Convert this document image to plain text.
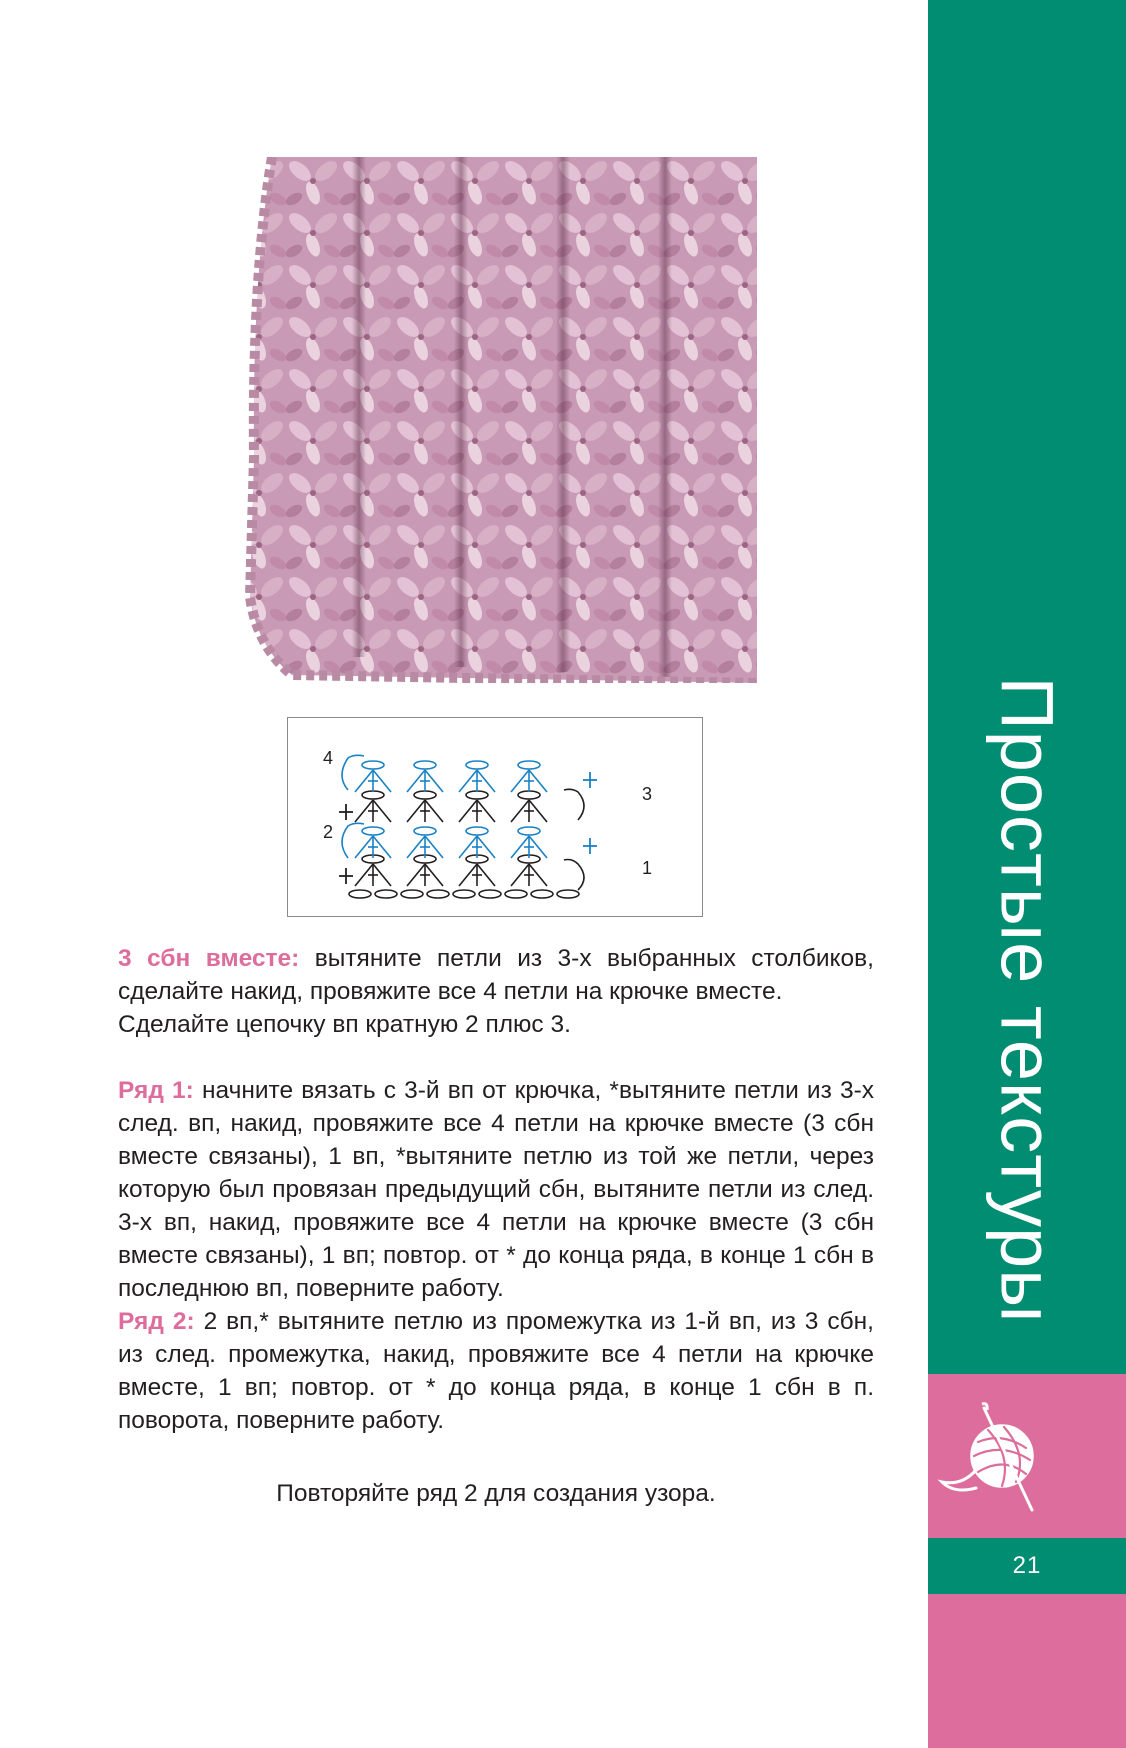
4
3
2
1

3 сбн вместе: вытяните петли из 3-х выбранных столбиков, сделайте накид, провяжите все 4 петли на крючке вместе.

Сделайте цепочку вп кратную 2 плюс 3.

Ряд 1: начните вязать с 3-й вп от крючка, *вытяните петли из 3-х след. вп, накид, провяжите все 4 петли на крючке вместе (3 сбн вместе связаны), 1 вп, *вытяните петлю из той же петли, через которую был провязан предыдущий сбн, вытяните петли из след. 3-х вп, накид, провяжите все 4 петли на крючке вместе (3 сбн вместе связаны), 1 вп; повтор. от * до конца ряда, в конце 1 сбн в последнюю вп, поверните работу.

Ряд 2: 2 вп,* вытяните петлю из промежутка из 1-й вп, из 3 сбн, из след. промежутка, накид, провяжите все 4 петли на крючке вместе, 1 вп; повтор. от * до конца ряда, в конце 1 сбн в п. поворота, поверните работу.

Повторяйте ряд 2 для создания узора.
Простые текстуры
21
